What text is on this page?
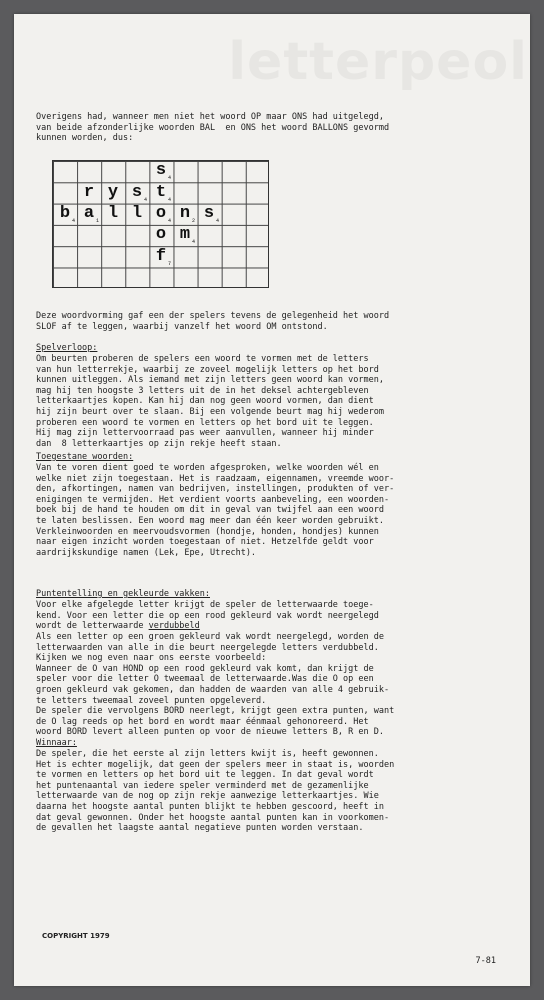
letterpeol
Overigens had, wanneer men niet het woord OP maar ONS had uitgelegd,
van beide afzonderlijke woorden BAL  en ONS het woord BALLONS gevormd
kunnen worden, dus:
s 4
r y s 4 t 4
b 4 a 1 l l o 4 n 2 s 4
o m 4
f 7
Deze woordvorming gaf een der spelers tevens de gelegenheid het woord
SLOF af te leggen, waarbij vanzelf het woord OM ontstond.
Spelverloop:
Om beurten proberen de spelers een woord te vormen met de letters
van hun letterrekje, waarbij ze zoveel mogelijk letters op het bord
kunnen uitleggen. Als iemand met zijn letters geen woord kan vormen,
mag hij ten hoogste 3 letters uit de in het deksel achtergebleven
letterkaartjes kopen. Kan hij dan nog geen woord vormen, dan dient
hij zijn beurt over te slaan. Bij een volgende beurt mag hij wederom
proberen een woord te vormen en letters op het bord uit te leggen.
Hij mag zijn lettervoorraad pas weer aanvullen, wanneer hij minder
dan  8 letterkaartjes op zijn rekje heeft staan.
Toegestane woorden:
Van te voren dient goed te worden afgesproken, welke woorden wél en
welke niet zijn toegestaan. Het is raadzaam, eigennamen, vreemde woor-
den, afkortingen, namen van bedrijven, instellingen, produkten of ver-
enigingen te vermijden. Het verdient voorts aanbeveling, een woorden-
boek bij de hand te houden om dit in geval van twijfel aan een woord
te laten beslissen. Een woord mag meer dan één keer worden gebruikt.
Verkleinwoorden en meervoudsvormen (hondje, honden, hondjes) kunnen
naar eigen inzicht worden toegestaan of niet. Hetzelfde geldt voor
aardrijkskundige namen (Lek, Epe, Utrecht).
Puntentelling en gekleurde vakken:
Voor elke afgelegde letter krijgt de speler de letterwaarde toege-
kend. Voor een letter die op een rood gekleurd vak wordt neergelegd
wordt de letterwaarde verdubbeld
Als een letter op een groen gekleurd vak wordt neergelegd, worden de
letterwaarden van alle in die beurt neergelegde letters verdubbeld.
Kijken we nog even naar ons eerste voorbeeld:
Wanneer de O van HOND op een rood gekleurd vak komt, dan krijgt de
speler voor die letter O tweemaal de letterwaarde.Was die O op een
groen gekleurd vak gekomen, dan hadden de waarden van alle 4 gebruik-
te letters tweemaal zoveel punten opgeleverd.
De speler die vervolgens BORD neerlegt, krijgt geen extra punten, want
de O lag reeds op het bord en wordt maar éénmaal gehonoreerd. Het
woord BORD levert alleen punten op voor de nieuwe letters B, R en D.
Winnaar:
De speler, die het eerste al zijn letters kwijt is, heeft gewonnen.
Het is echter mogelijk, dat geen der spelers meer in staat is, woorden
te vormen en letters op het bord uit te leggen. In dat geval wordt
het puntenaantal van iedere speler verminderd met de gezamenlijke
letterwaarde van de nog op zijn rekje aanwezige letterkaartjes. Wie
daarna het hoogste aantal punten blijkt te hebben gescoord, heeft in
dat geval gewonnen. Onder het hoogste aantal punten kan in voorkomen-
de gevallen het laagste aantal negatieve punten worden verstaan.
COPYRIGHT 1979
7-81
